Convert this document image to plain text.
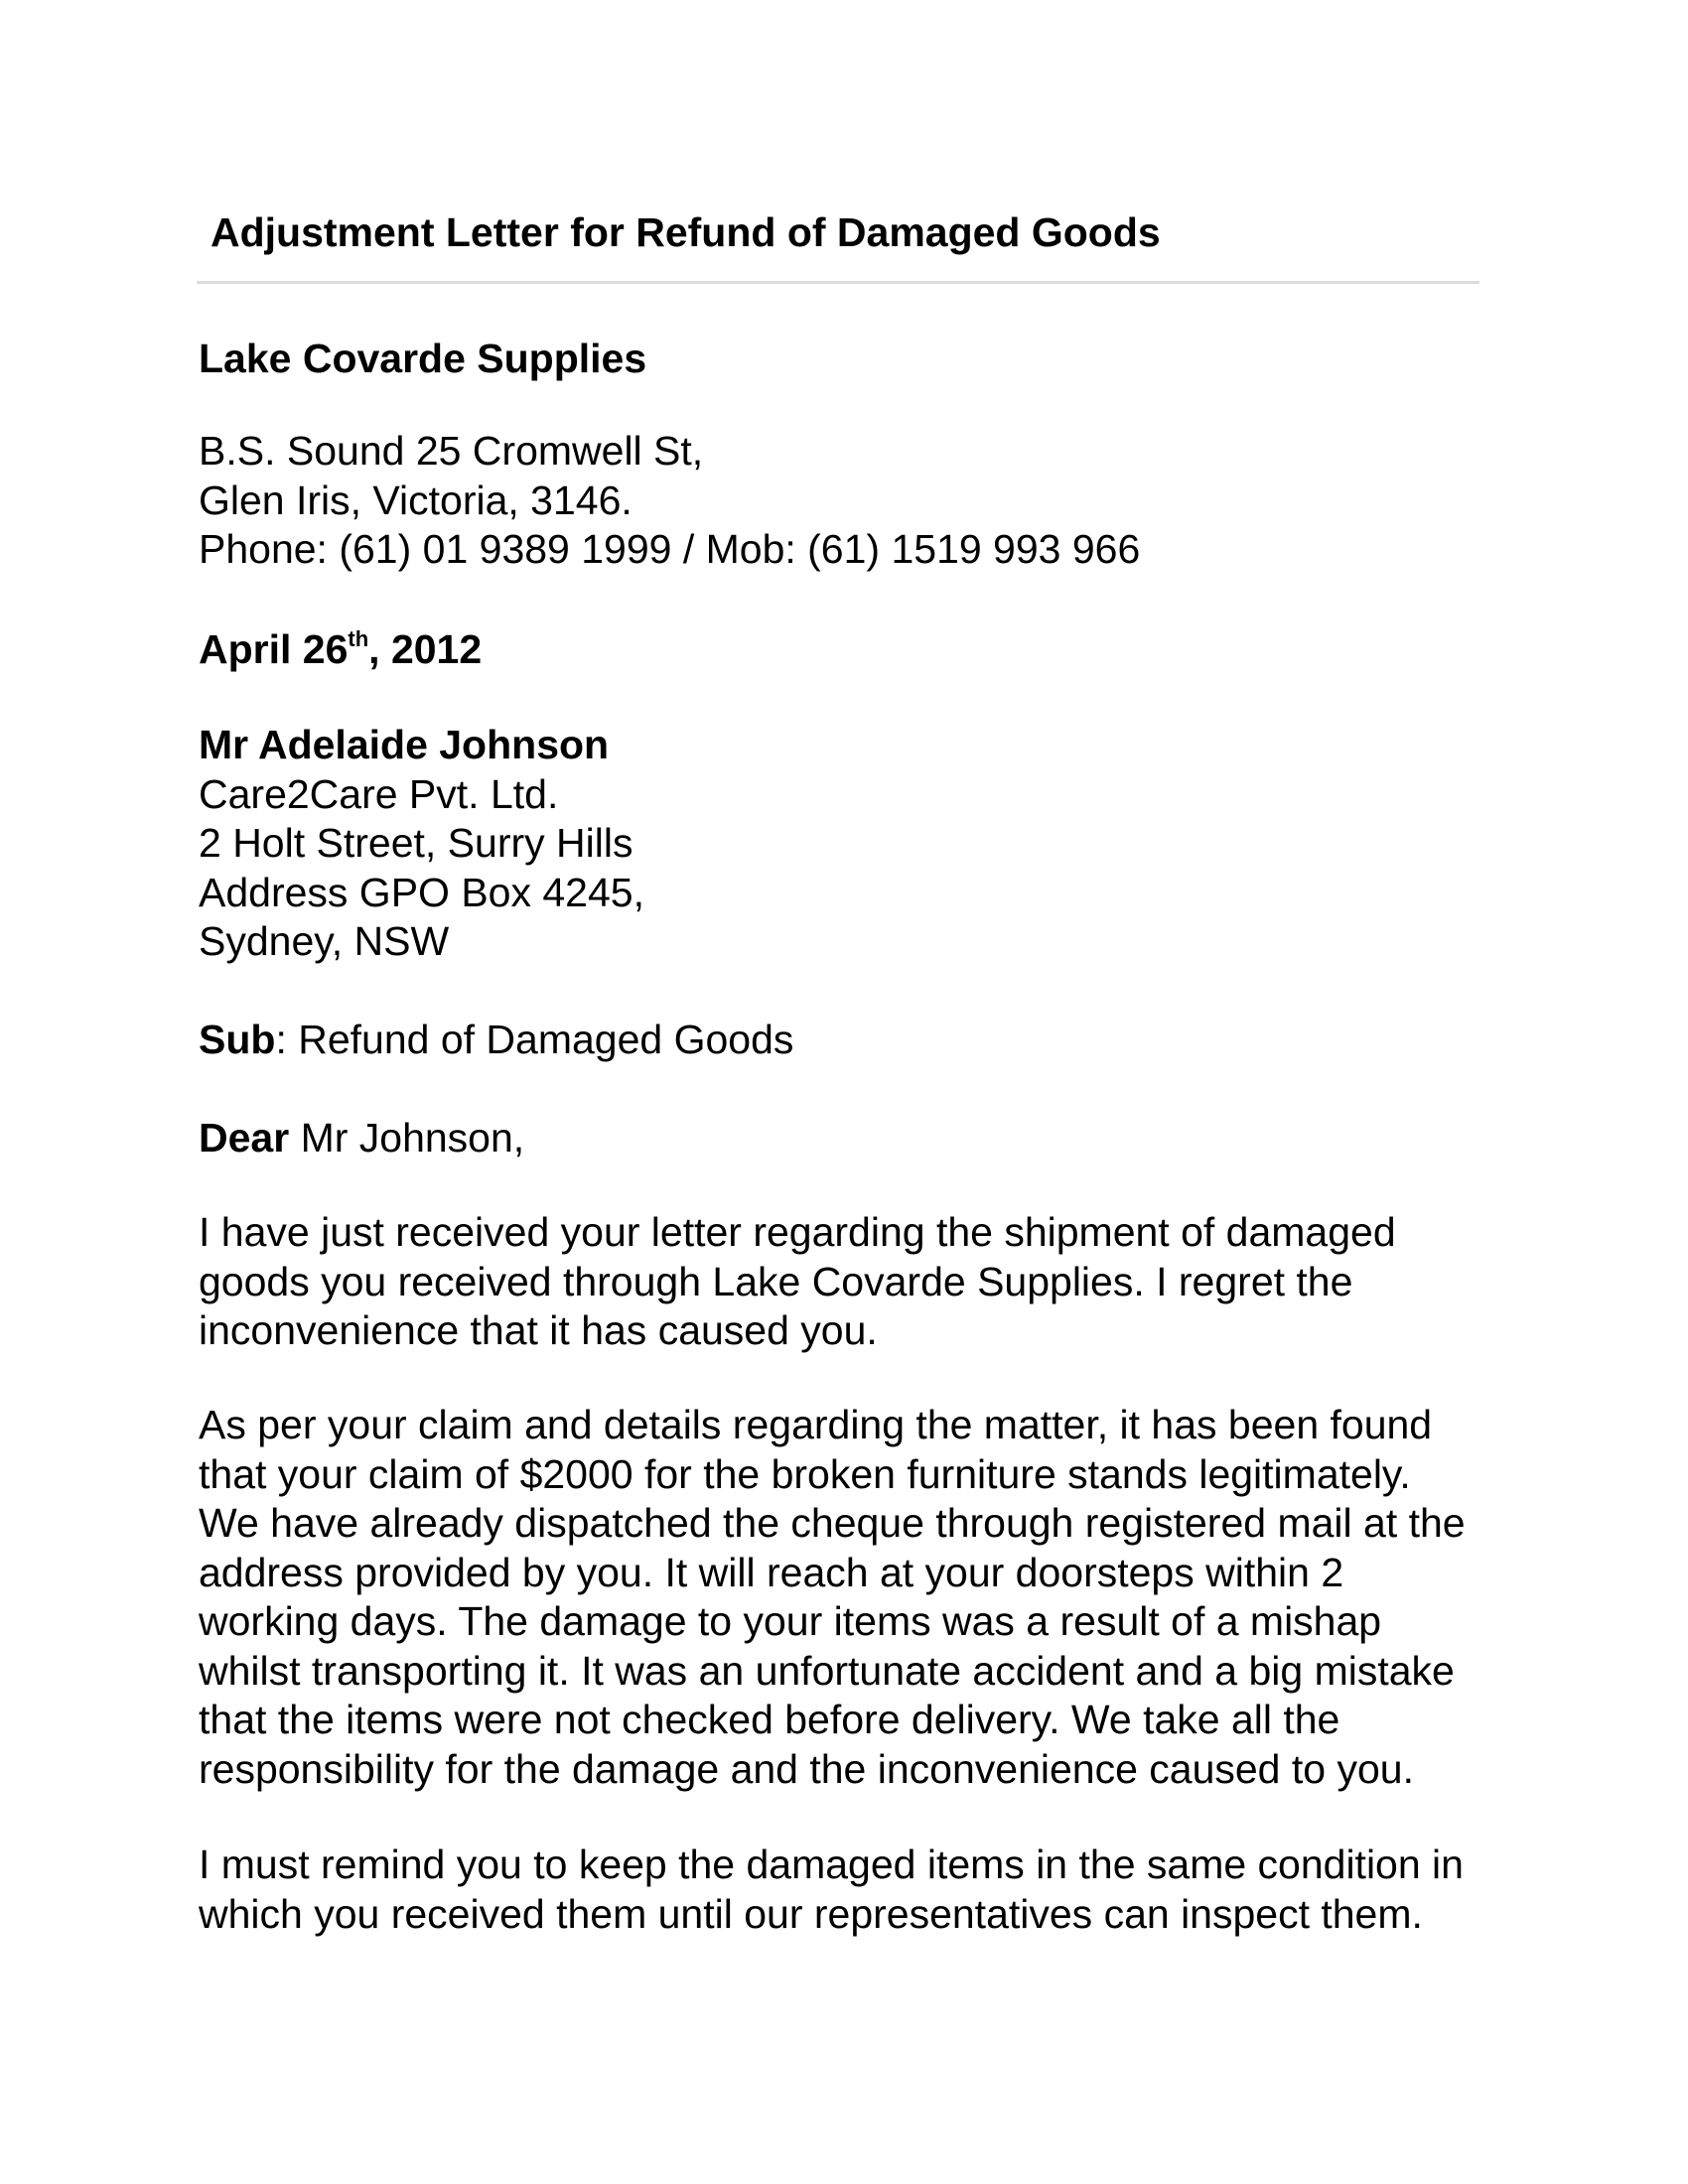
Adjustment Letter for Refund of Damaged Goods
Lake Covarde Supplies
B.S. Sound 25 Cromwell St,
Glen Iris, Victoria, 3146.
Phone: (61) 01 9389 1999 / Mob: (61) 1519 993 966
April 26th, 2012
Mr Adelaide Johnson
Care2Care Pvt. Ltd.
2 Holt Street, Surry Hills
Address GPO Box 4245,
Sydney, NSW
Sub: Refund of Damaged Goods
Dear Mr Johnson,
I have just received your letter regarding the shipment of damaged
goods you received through Lake Covarde Supplies. I regret the
inconvenience that it has caused you.
As per your claim and details regarding the matter, it has been found
that your claim of $2000 for the broken furniture stands legitimately.
We have already dispatched the cheque through registered mail at the
address provided by you. It will reach at your doorsteps within 2
working days. The damage to your items was a result of a mishap
whilst transporting it. It was an unfortunate accident and a big mistake
that the items were not checked before delivery. We take all the
responsibility for the damage and the inconvenience caused to you.
I must remind you to keep the damaged items in the same condition in
which you received them until our representatives can inspect them.
